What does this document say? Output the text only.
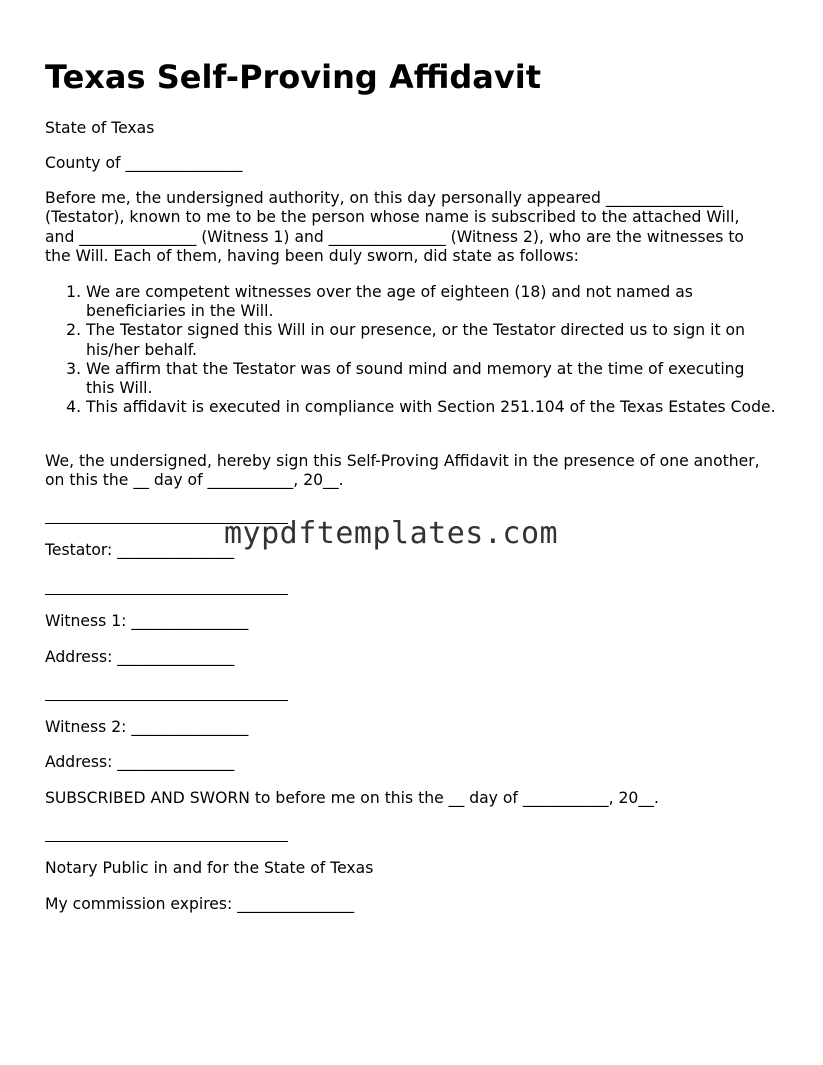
Texas Self-Proving Affidavit

State of Texas

County of _______________

Before me, the undersigned authority, on this day personally appeared _______________ (Testator), known to me to be the person whose name is subscribed to the attached Will, and _______________ (Witness 1) and _______________ (Witness 2), who are the witnesses to the Will. Each of them, having been duly sworn, did state as follows:

1. We are competent witnesses over the age of eighteen (18) and not named as beneficiaries in the Will.
2. The Testator signed this Will in our presence, or the Testator directed us to sign it on his/her behalf.
3. We affirm that the Testator was of sound mind and memory at the time of executing this Will.
4. This affidavit is executed in compliance with Section 251.104 of the Texas Estates Code.

We, the undersigned, hereby sign this Self-Proving Affidavit in the presence of one another, on this the __ day of ___________, 20__.

Testator: _______________

Witness 1: _______________

Address: _______________

Witness 2: _______________

Address: _______________

SUBSCRIBED AND SWORN to before me on this the __ day of ___________, 20__.

Notary Public in and for the State of Texas

My commission expires: _______________

mypdftemplates.com
